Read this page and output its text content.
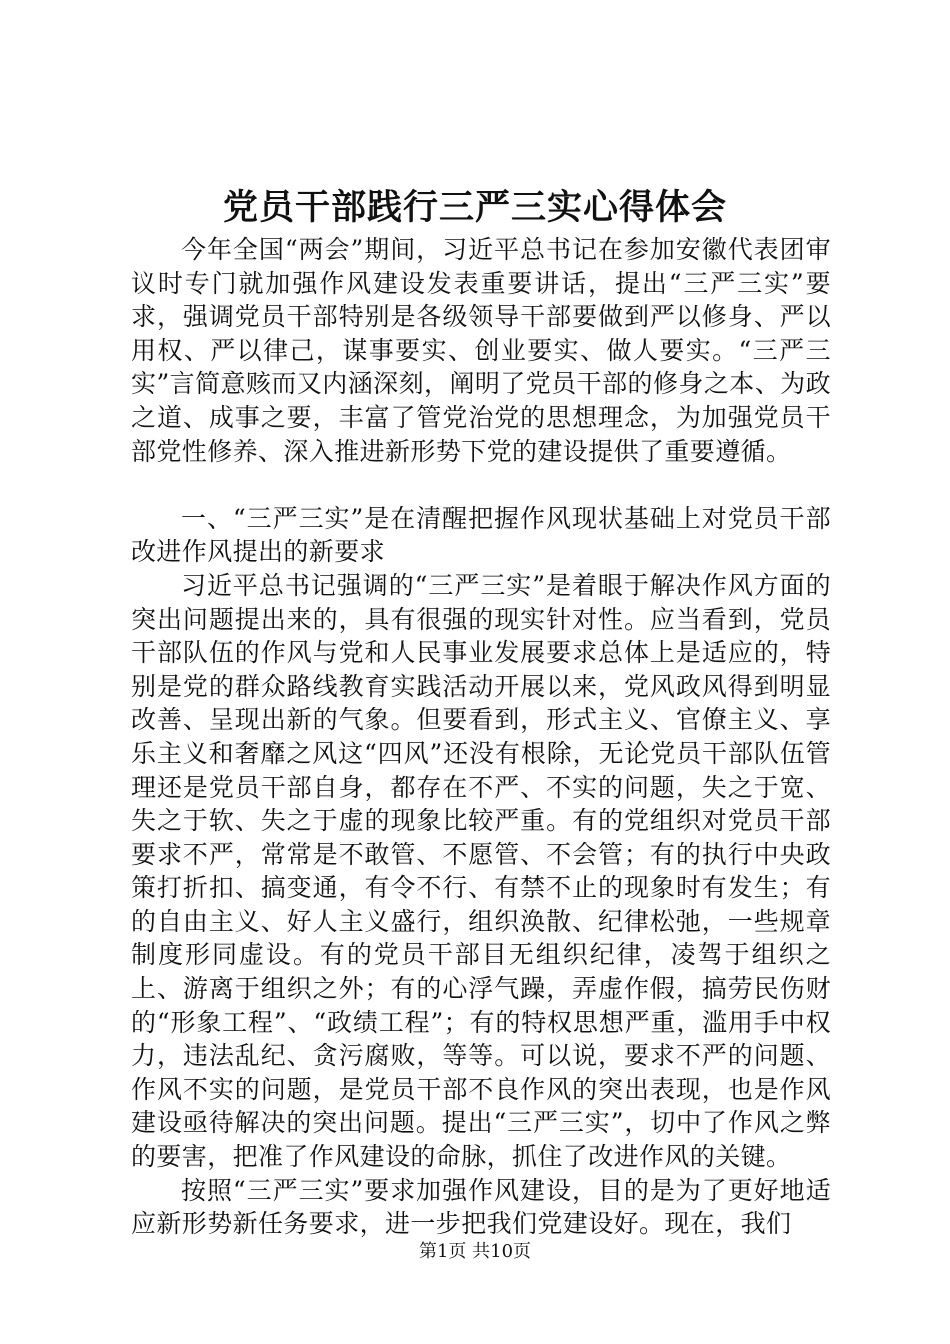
党员干部践行三严三实心得体会

今年全国“两会”期间，习近平总书记在参加安徽代表团审议时专门就加强作风建设发表重要讲话，提出“三严三实”要求，强调党员干部特别是各级领导干部要做到严以修身、严以用权、严以律己，谋事要实、创业要实、做人要实。“三严三实”言简意赅而又内涵深刻，阐明了党员干部的修身之本、为政之道、成事之要，丰富了管党治党的思想理念，为加强党员干部党性修养、深入推进新形势下党的建设提供了重要遵循。

一、“三严三实”是在清醒把握作风现状基础上对党员干部改进作风提出的新要求

习近平总书记强调的“三严三实”是着眼于解决作风方面的突出问题提出来的，具有很强的现实针对性。应当看到，党员干部队伍的作风与党和人民事业发展要求总体上是适应的，特别是党的群众路线教育实践活动开展以来，党风政风得到明显改善、呈现出新的气象。但要看到，形式主义、官僚主义、享乐主义和奢靡之风这“四风”还没有根除，无论党员干部队伍管理还是党员干部自身，都存在不严、不实的问题，失之于宽、失之于软、失之于虚的现象比较严重。有的党组织对党员干部要求不严，常常是不敢管、不愿管、不会管；有的执行中央政策打折扣、搞变通，有令不行、有禁不止的现象时有发生；有的自由主义、好人主义盛行，组织涣散、纪律松弛，一些规章制度形同虚设。有的党员干部目无组织纪律，凌驾于组织之上、游离于组织之外；有的心浮气躁，弄虚作假，搞劳民伤财的“形象工程”、“政绩工程”；有的特权思想严重，滥用手中权力，违法乱纪、贪污腐败，等等。可以说，要求不严的问题、作风不实的问题，是党员干部不良作风的突出表现，也是作风建设亟待解决的突出问题。提出“三严三实”，切中了作风之弊的要害，把准了作风建设的命脉，抓住了改进作风的关键。

按照“三严三实”要求加强作风建设，目的是为了更好地适应新形势新任务要求，进一步把我们党建设好。现在，我们

第1页 共10页
